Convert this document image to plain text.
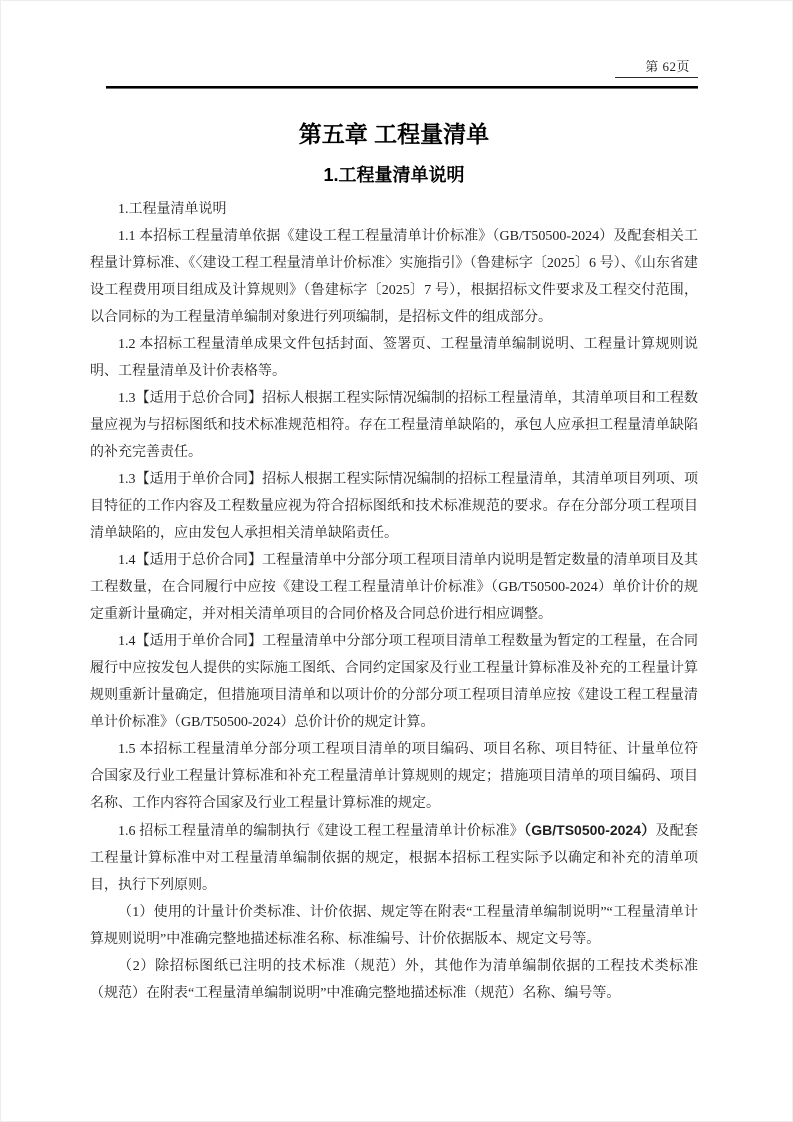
第 62页
第五章 工程量清单
1.工程量清单说明

1.工程量清单说明

1.1 本招标工程量清单依据《建设工程工程量清单计价标准》（GB/T50500-2024）及配套相关工程量计算标准、《〈建设工程工程量清单计价标准〉实施指引》（鲁建标字〔2025〕6 号）、《山东省建设工程费用项目组成及计算规则》（鲁建标字〔2025〕7 号），根据招标文件要求及工程交付范围，以合同标的为工程量清单编制对象进行列项编制，是招标文件的组成部分。

1.2 本招标工程量清单成果文件包括封面、签署页、工程量清单编制说明、工程量计算规则说明、工程量清单及计价表格等。

1.3【适用于总价合同】招标人根据工程实际情况编制的招标工程量清单，其清单项目和工程数量应视为与招标图纸和技术标准规范相符。存在工程量清单缺陷的，承包人应承担工程量清单缺陷的补充完善责任。

1.3【适用于单价合同】招标人根据工程实际情况编制的招标工程量清单，其清单项目列项、项目特征的工作内容及工程数量应视为符合招标图纸和技术标准规范的要求。存在分部分项工程项目清单缺陷的，应由发包人承担相关清单缺陷责任。

1.4【适用于总价合同】工程量清单中分部分项工程项目清单内说明是暂定数量的清单项目及其工程数量，在合同履行中应按《建设工程工程量清单计价标准》（GB/T50500-2024）单价计价的规定重新计量确定，并对相关清单项目的合同价格及合同总价进行相应调整。

1.4【适用于单价合同】工程量清单中分部分项工程项目清单工程数量为暂定的工程量，在合同履行中应按发包人提供的实际施工图纸、合同约定国家及行业工程量计算标准及补充的工程量计算规则重新计量确定，但措施项目清单和以项计价的分部分项工程项目清单应按《建设工程工程量清单计价标准》（GB/T50500-2024）总价计价的规定计算。

1.5 本招标工程量清单分部分项工程项目清单的项目编码、项目名称、项目特征、计量单位符合国家及行业工程量计算标准和补充工程量清单计算规则的规定；措施项目清单的项目编码、项目名称、工作内容符合国家及行业工程量计算标准的规定。

1.6 招标工程量清单的编制执行《建设工程工程量清单计价标准》（GB/TS0500-2024）及配套工程量计算标准中对工程量清单编制依据的规定，根据本招标工程实际予以确定和补充的清单项目，执行下列原则。

（1）使用的计量计价类标准、计价依据、规定等在附表“工程量清单编制说明”“工程量清单计算规则说明”中准确完整地描述标准名称、标准编号、计价依据版本、规定文号等。

（2）除招标图纸已注明的技术标准（规范）外，其他作为清单编制依据的工程技术类标准（规范）在附表“工程量清单编制说明”中准确完整地描述标准（规范）名称、编号等。
